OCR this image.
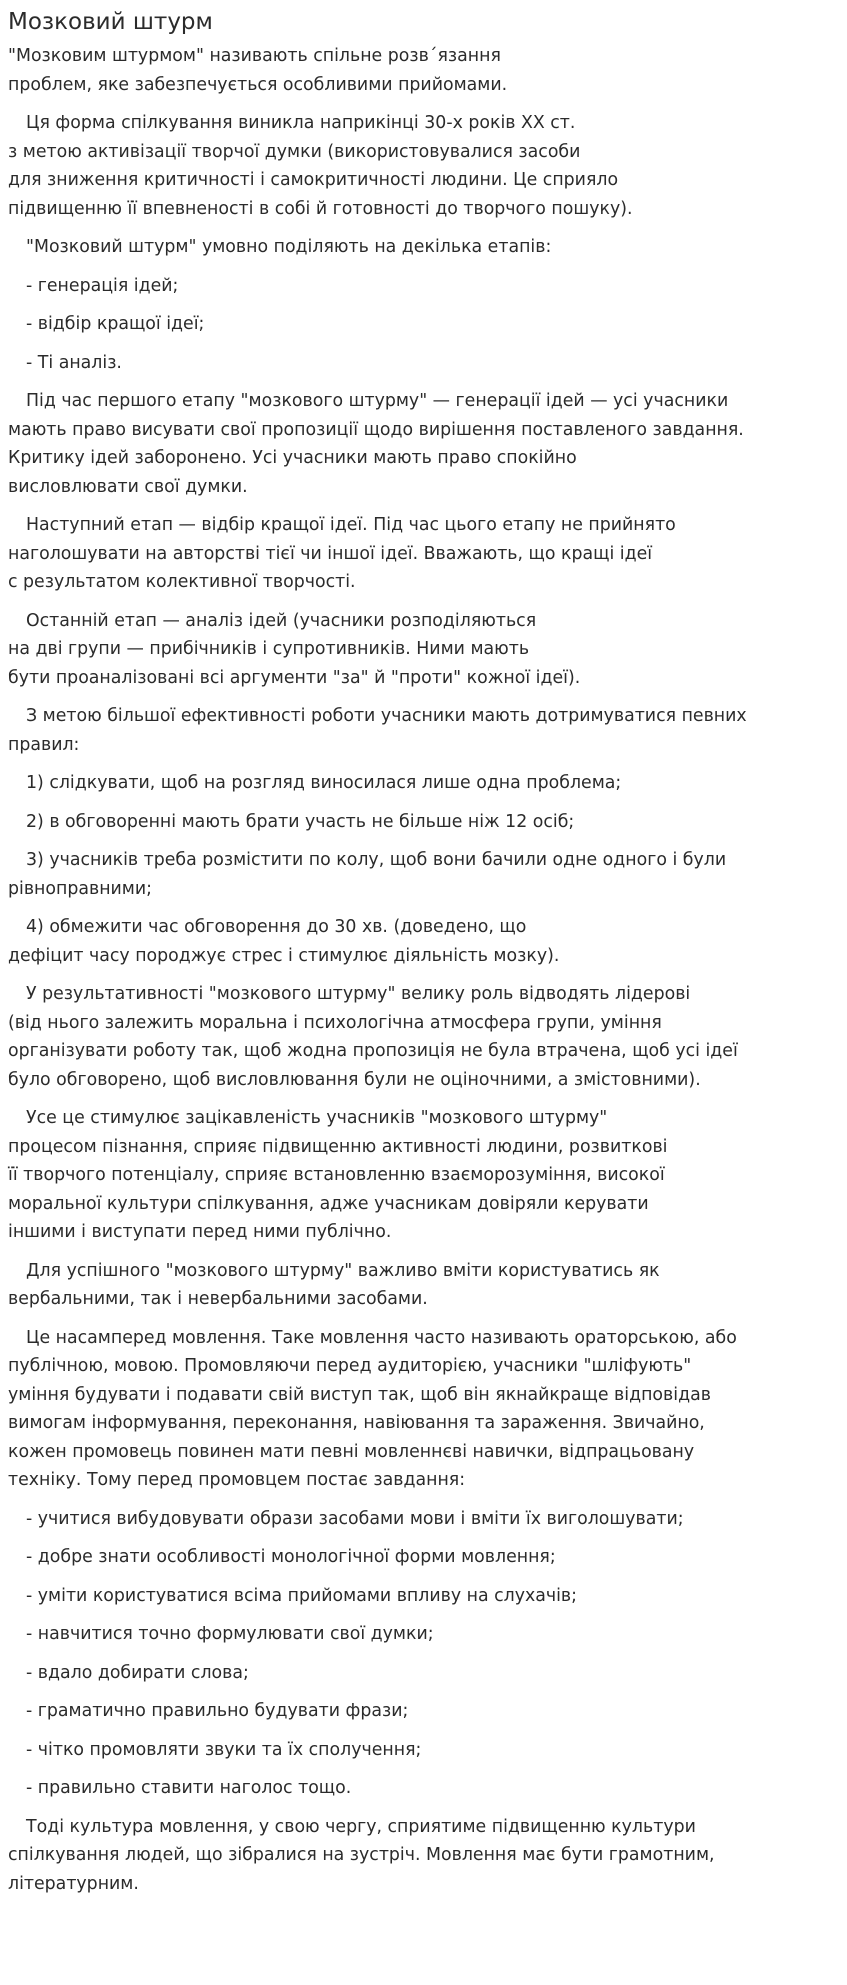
Мозковий штурм
"Мозковим штурмом" називають спільне розв´язання
проблем, яке забезпечується особливими прийомами.
Ця форма спілкування виникла наприкінці 30-х років XX ст.
з метою активізації творчої думки (використовувалися засоби
для зниження критичності і самокритичності людини. Це сприяло
підвищенню її впевненості в собі й готовності до творчого пошуку).
"Мозковий штурм" умовно поділяють на декілька етапів:
- генерація ідей;
- відбір кращої ідеї;
- Ті аналіз.
Під час першого етапу "мозкового штурму" — генерації ідей — усі учасники
мають право висувати свої пропозиції щодо вирішення поставленого завдання.
Критику ідей заборонено. Усі учасники мають право спокійно
висловлювати свої думки.
Наступний етап — відбір кращої ідеї. Під час цього етапу не прийнято
наголошувати на авторстві тієї чи іншої ідеї. Вважають, що кращі ідеї
с результатом колективної творчості.
Останній етап — аналіз ідей (учасники розподіляються
на дві групи — прибічників і супротивників. Ними мають
бути проаналізовані всі аргументи "за" й "проти" кожної ідеї).
З метою більшої ефективності роботи учасники мають дотримуватися певних
правил:
1) слідкувати, щоб на розгляд виносилася лише одна проблема;
2) в обговоренні мають брати участь не більше ніж 12 осіб;
3) учасників треба розмістити по колу, щоб вони бачили одне одного і були
рівноправними;
4) обмежити час обговорення до 30 хв. (доведено, що
дефіцит часу породжує стрес і стимулює діяльність мозку).
У результативності "мозкового штурму" велику роль відводять лідерові
(від нього залежить моральна і психологічна атмосфера групи, уміння
організувати роботу так, щоб жодна пропозиція не була втрачена, щоб усі ідеї
було обговорено, щоб висловлювання були не оціночними, а змістовними).
Усе це стимулює зацікавленість учасників "мозкового штурму"
процесом пізнання, сприяє підвищенню активності людини, розвиткові
її творчого потенціалу, сприяє встановленню взаєморозуміння, високої
моральної культури спілкування, адже учасникам довіряли керувати
іншими і виступати перед ними публічно.
Для успішного "мозкового штурму" важливо вміти користуватись як
вербальними, так і невербальними засобами.
Це насамперед мовлення. Таке мовлення часто називають ораторською, або
публічною, мовою. Промовляючи перед аудиторією, учасники "шліфують"
уміння будувати і подавати свій виступ так, щоб він якнайкраще відповідав
вимогам інформування, переконання, навіювання та зараження. Звичайно,
кожен промовець повинен мати певні мовленнєві навички, відпрацьовану
техніку. Тому перед промовцем постає завдання:
- учитися вибудовувати образи засобами мови і вміти їх виголошувати;
- добре знати особливості монологічної форми мовлення;
- уміти користуватися всіма прийомами впливу на слухачів;
- навчитися точно формулювати свої думки;
- вдало добирати слова;
- граматично правильно будувати фрази;
- чітко промовляти звуки та їх сполучення;
- правильно ставити наголос тощо.
Тоді культура мовлення, у свою чергу, сприятиме підвищенню культури
спілкування людей, що зібралися на зустріч. Мовлення має бути грамотним,
літературним.
